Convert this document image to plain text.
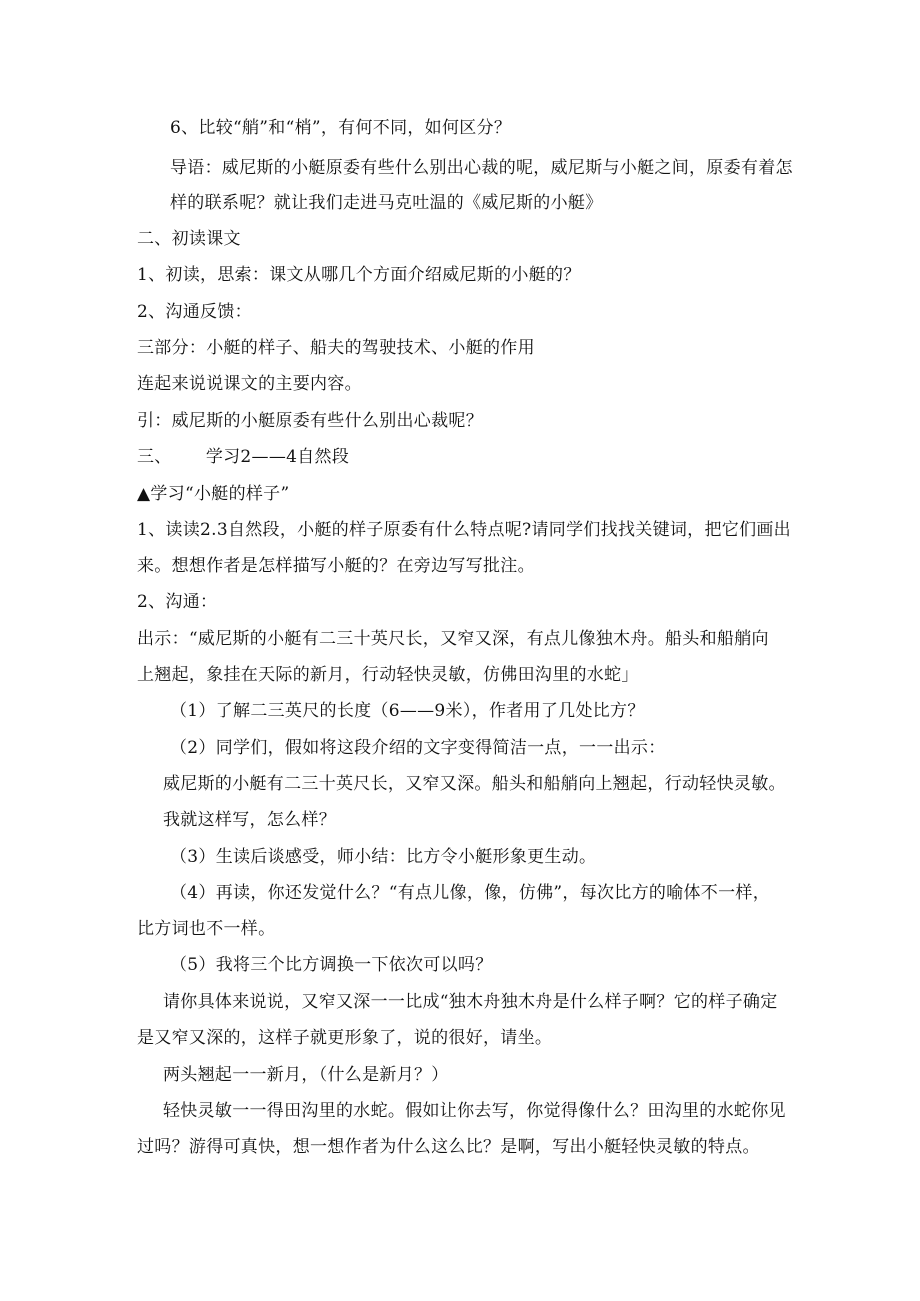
6、比较“艄”和“梢”，有何不同，如何区分？
导语：威尼斯的小艇原委有些什么别出心裁的呢，威尼斯与小艇之间，原委有着怎
样的联系呢？就让我们走进马克吐温的《威尼斯的小艇》
二、初读课文
1、初读，思索：课文从哪几个方面介绍威尼斯的小艇的？
2、沟通反馈：
三部分：小艇的样子、船夫的驾驶技术、小艇的作用
连起来说说课文的主要内容。
引：威尼斯的小艇原委有些什么别出心裁呢？
三、      学习2——4自然段
▲学习“小艇的样子”
1、读读2.3自然段，小艇的样子原委有什么特点呢?请同学们找找关键词，把它们画出
来。想想作者是怎样描写小艇的？在旁边写写批注。
2、沟通：
出示：“威尼斯的小艇有二三十英尺长，又窄又深，有点儿像独木舟。船头和船艄向
上翘起，象挂在天际的新月，行动轻快灵敏，仿佛田沟里的水蛇」
（1）了解二三英尺的长度（6——9米），作者用了几处比方？
（2）同学们，假如将这段介绍的文字变得简洁一点，一一出示：
威尼斯的小艇有二三十英尺长，又窄又深。船头和船艄向上翘起，行动轻快灵敏。
我就这样写，怎么样？
（3）生读后谈感受，师小结：比方令小艇形象更生动。
（4）再读，你还发觉什么？“有点儿像，像，仿佛”，每次比方的喻体不一样，
比方词也不一样。
（5）我将三个比方调换一下依次可以吗？
请你具体来说说，又窄又深一一比成“独木舟独木舟是什么样子啊？它的样子确定
是又窄又深的，这样子就更形象了，说的很好，请坐。
两头翘起一一新月，（什么是新月？）
轻快灵敏一一得田沟里的水蛇。假如让你去写，你觉得像什么？田沟里的水蛇你见
过吗？游得可真快，想一想作者为什么这么比？是啊，写出小艇轻快灵敏的特点。
